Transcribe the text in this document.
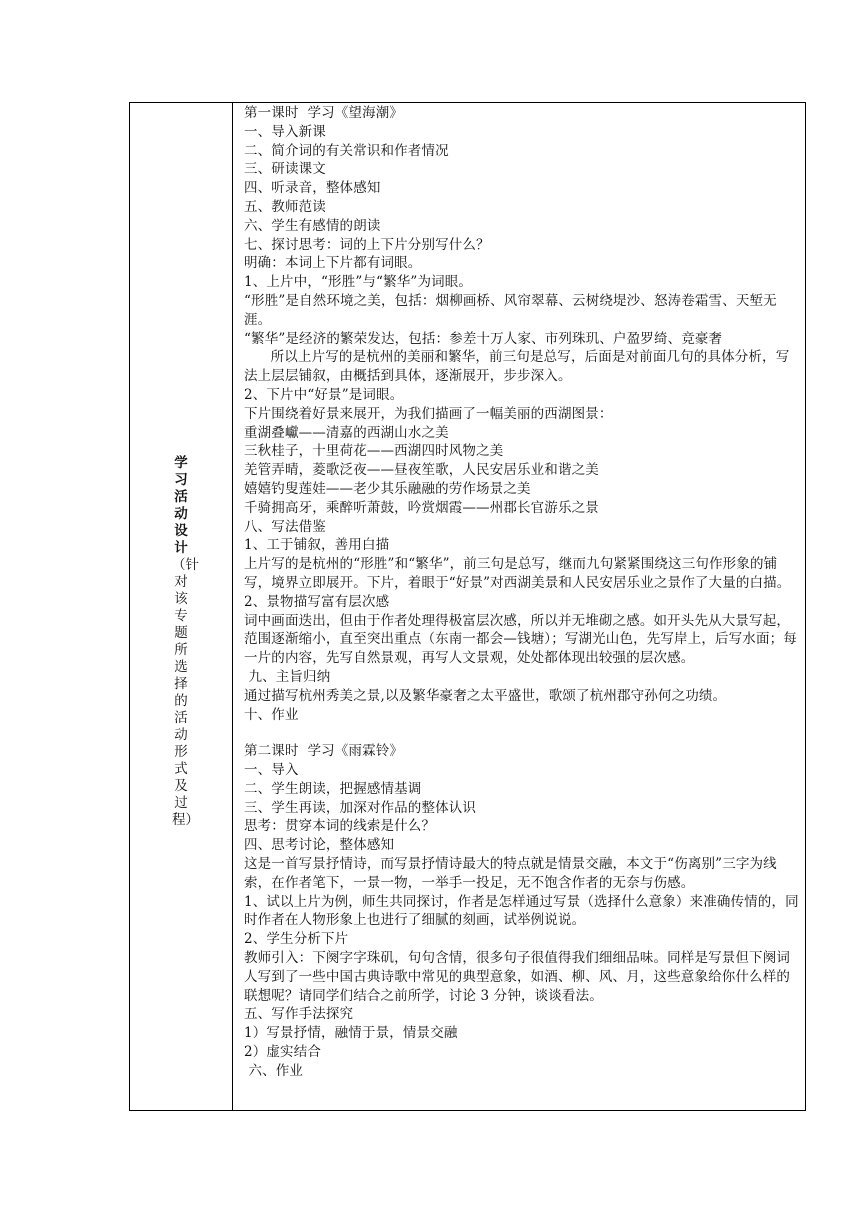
学习活动设计（针对该专题所选择的活动形式及过程）
第一课时  学习《望海潮》
一、导入新课
二、简介词的有关常识和作者情况
三、研读课文
四、听录音，整体感知
五、教师范读
六、学生有感情的朗读
七、探讨思考：词的上下片分别写什么？
明确：本词上下片都有词眼。
1、上片中，“形胜”与“繁华”为词眼。
“形胜”是自然环境之美，包括：烟柳画桥、风帘翠幕、云树绕堤沙、怒涛卷霜雪、天堑无涯。
“繁华”是经济的繁荣发达，包括：参差十万人家、市列珠玑、户盈罗绮、竞豪奢
所以上片写的是杭州的美丽和繁华，前三句是总写，后面是对前面几句的具体分析，写法上层层铺叙，由概括到具体，逐渐展开，步步深入。
2、下片中“好景”是词眼。
下片围绕着好景来展开，为我们描画了一幅美丽的西湖图景：
重湖叠巘——清嘉的西湖山水之美
三秋桂子，十里荷花——西湖四时风物之美
羌管弄晴，菱歌泛夜——昼夜笙歌，人民安居乐业和谐之美
嬉嬉钓叟莲娃——老少其乐融融的劳作场景之美
千骑拥高牙，乘醉听萧鼓，吟赏烟霞——州郡长官游乐之景
八、写法借鉴
1、工于铺叙，善用白描
上片写的是杭州的“形胜”和“繁华”，前三句是总写，继而九句紧紧围绕这三句作形象的铺写，境界立即展开。下片，着眼于“好景”对西湖美景和人民安居乐业之景作了大量的白描。
2、景物描写富有层次感
词中画面迭出，但由于作者处理得极富层次感，所以并无堆砌之感。如开头先从大景写起，范围逐渐缩小，直至突出重点（东南一都会—钱塘）；写湖光山色，先写岸上，后写水面；每一片的内容，先写自然景观，再写人文景观，处处都体现出较强的层次感。
九、主旨归纳
通过描写杭州秀美之景,以及繁华豪奢之太平盛世，歌颂了杭州郡守孙何之功绩。
十、作业
第二课时  学习《雨霖铃》
一、导入
二、学生朗读，把握感情基调
三、学生再读，加深对作品的整体认识
思考：贯穿本词的线索是什么？
四、思考讨论，整体感知
这是一首写景抒情诗，而写景抒情诗最大的特点就是情景交融，本文于“伤离别”三字为线索，在作者笔下，一景一物，一举手一投足，无不饱含作者的无奈与伤感。
1、试以上片为例，师生共同探讨，作者是怎样通过写景（选择什么意象）来准确传情的，同时作者在人物形象上也进行了细腻的刻画，试举例说说。
2、学生分析下片
教师引入：下阕字字珠矶，句句含情，很多句子很值得我们细细品味。同样是写景但下阕词人写到了一些中国古典诗歌中常见的典型意象，如酒、柳、风、月，这些意象给你什么样的联想呢？请同学们结合之前所学，讨论 3 分钟，谈谈看法。
五、写作手法探究
1）写景抒情，融情于景，情景交融
2）虚实结合
六、作业
